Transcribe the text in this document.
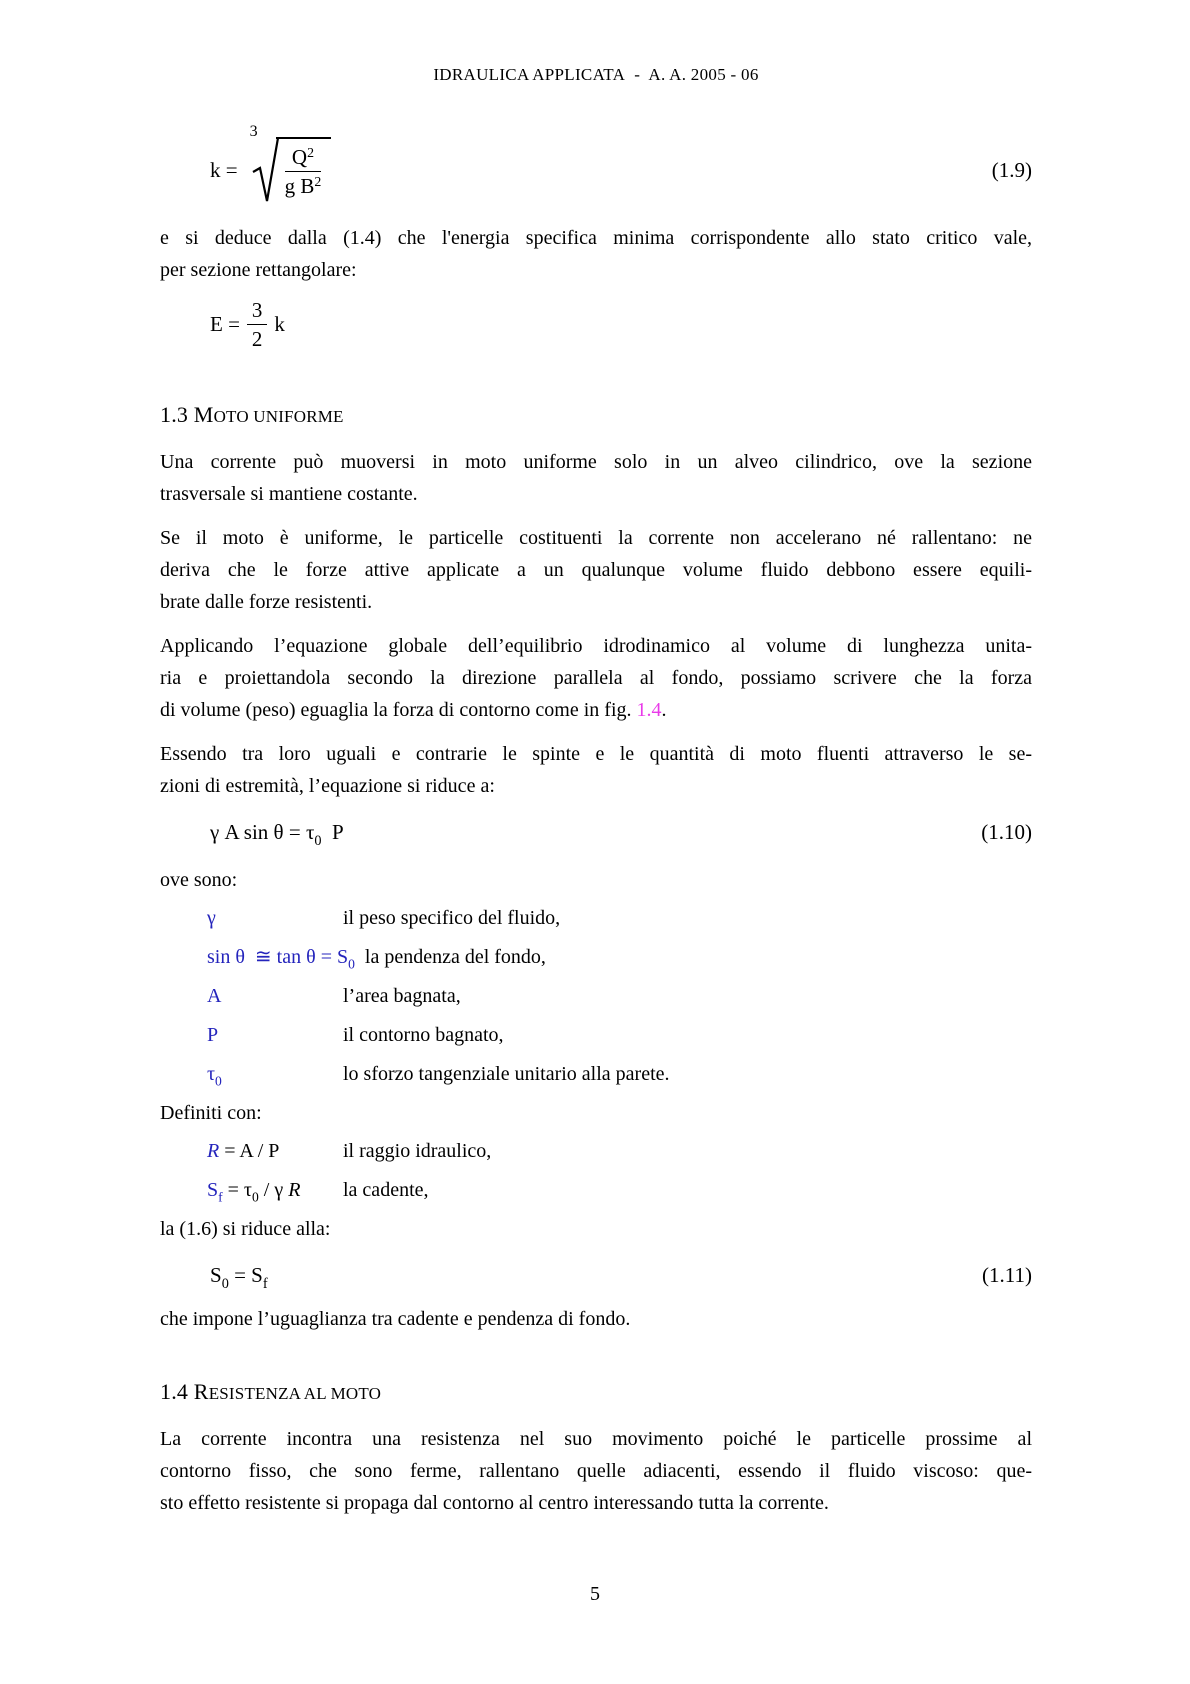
IDRAULICA APPLICATA  -  A. A. 2005 - 06
k =
3
$\frac{Q^2}{g B^2}$	(1.9)
e si deduce dalla (1.4) che l'energia specifica minima corrispondente allo stato critico vale,
per sezione rettangolare:
$E = \frac{3}{2}$ k
1.3 MOTO UNIFORME
Una corrente può muoversi in moto uniforme solo in un alveo cilindrico, ove la sezione
trasversale si mantiene costante.
Se il moto è uniforme, le particelle costituenti la corrente non accelerano né rallentano: ne
deriva che le forze attive applicate a un qualunque volume fluido debbono essere equili-
brate dalle forze resistenti.
Applicando l’equazione globale dell’equilibrio idrodinamico al volume di lunghezza unita-
ria e proiettandola secondo la direzione parallela al fondo, possiamo scrivere che la forza
di volume (peso) eguaglia la forza di contorno come in fig. 1.4.
Essendo tra loro uguali e contrarie le spinte e le quantità di moto fluenti attraverso le se-
zioni di estremità, l’equazione si riduce a:
γ A $\sin \theta = \tau_0$  P	(1.10)
ove sono:
γ	il peso specifico del fluido,
sin θ  ≅ $\tan \theta = S_0$ la pendenza del fondo,
A	l’area bagnata,
P	il contorno bagnato,
$\tau_0$	lo sforzo tangenziale unitario alla parete.
Definiti con:
R = A / P	il raggio idraulico,
$S_f = \tau_0 / \gamma$ R	la cadente,
la (1.6) si riduce alla:
$S_0 = S_f$	(1.11)
che impone l’uguaglianza tra cadente e pendenza di fondo.
1.4 RESISTENZA AL MOTO
La corrente incontra una resistenza nel suo movimento poiché le particelle prossime al
contorno fisso, che sono ferme, rallentano quelle adiacenti, essendo il fluido viscoso: que-
sto effetto resistente si propaga dal contorno al centro interessando tutta la corrente.
5
